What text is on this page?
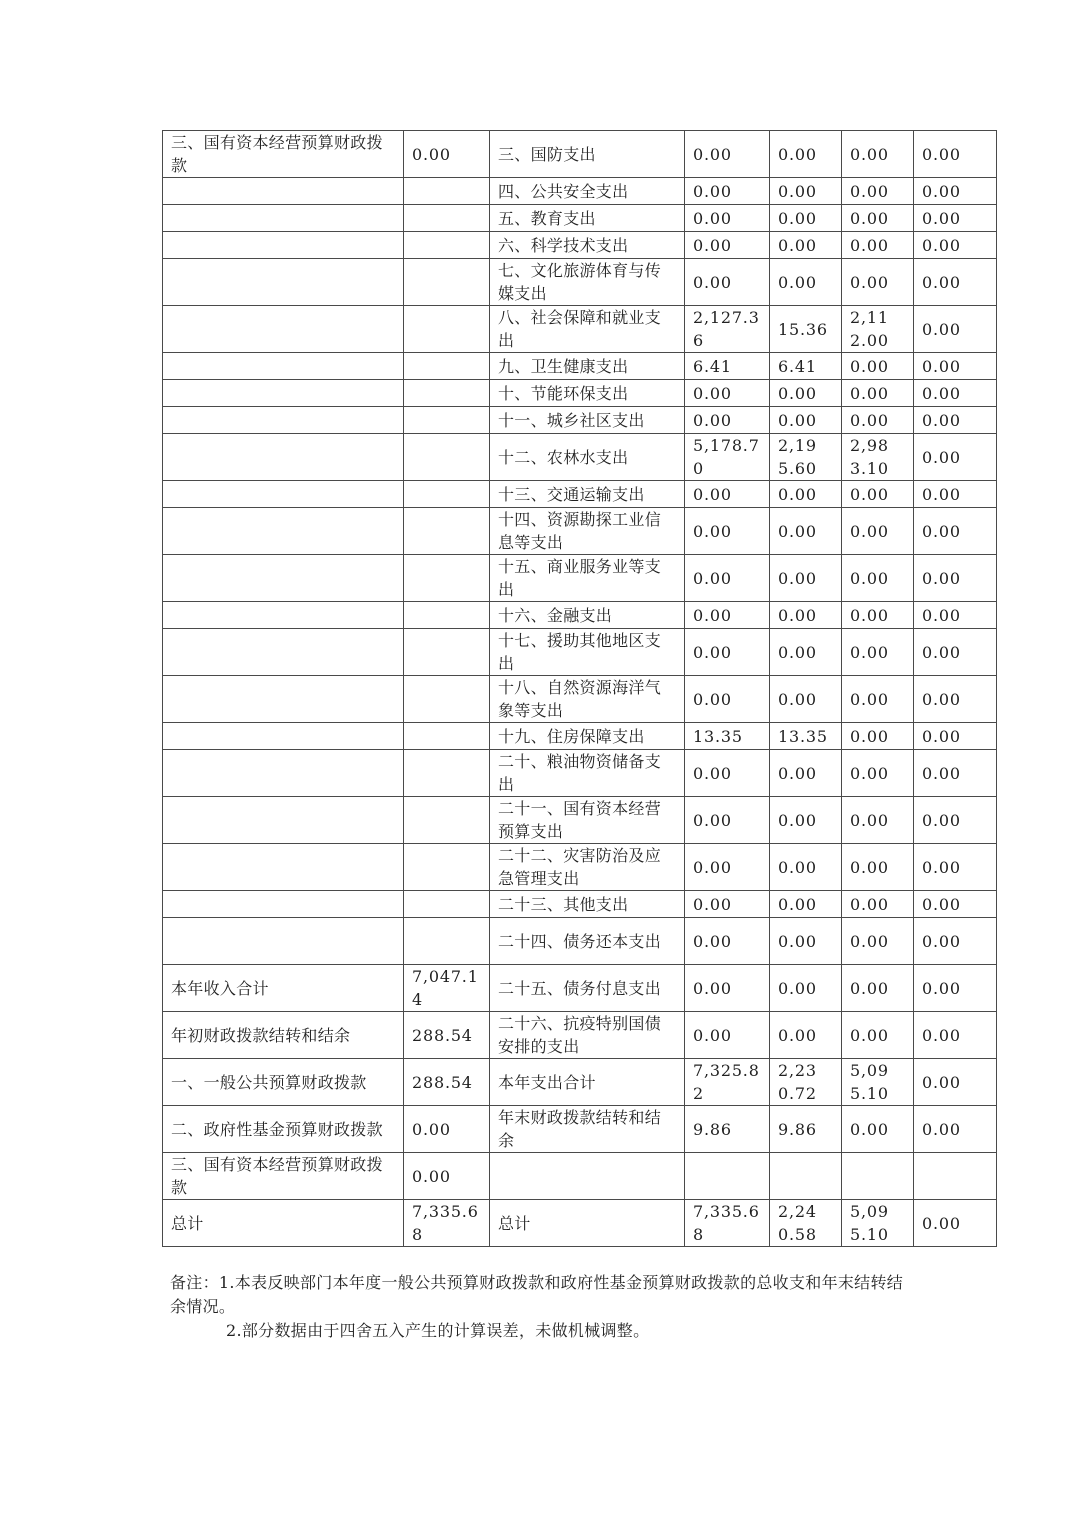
三、国有资本经营预算财政拨款	0.00	三、国防支出	0.00	0.00	0.00	0.00
		四、公共安全支出	0.00	0.00	0.00	0.00
		五、教育支出	0.00	0.00	0.00	0.00
		六、科学技术支出	0.00	0.00	0.00	0.00
		七、文化旅游体育与传媒支出	0.00	0.00	0.00	0.00
		八、社会保障和就业支出	2,127.36	15.36	2,112.00	0.00
		九、卫生健康支出	6.41	6.41	0.00	0.00
		十、节能环保支出	0.00	0.00	0.00	0.00
		十一、城乡社区支出	0.00	0.00	0.00	0.00
		十二、农林水支出	5,178.70	2,195.60	2,983.10	0.00
		十三、交通运输支出	0.00	0.00	0.00	0.00
		十四、资源勘探工业信息等支出	0.00	0.00	0.00	0.00
		十五、商业服务业等支出	0.00	0.00	0.00	0.00
		十六、金融支出	0.00	0.00	0.00	0.00
		十七、援助其他地区支出	0.00	0.00	0.00	0.00
		十八、自然资源海洋气象等支出	0.00	0.00	0.00	0.00
		十九、住房保障支出	13.35	13.35	0.00	0.00
		二十、粮油物资储备支出	0.00	0.00	0.00	0.00
		二十一、国有资本经营预算支出	0.00	0.00	0.00	0.00
		二十二、灾害防治及应急管理支出	0.00	0.00	0.00	0.00
		二十三、其他支出	0.00	0.00	0.00	0.00
		二十四、债务还本支出	0.00	0.00	0.00	0.00
本年收入合计	7,047.14	二十五、债务付息支出	0.00	0.00	0.00	0.00
年初财政拨款结转和结余	288.54	二十六、抗疫特别国债安排的支出	0.00	0.00	0.00	0.00
一、一般公共预算财政拨款	288.54	本年支出合计	7,325.82	2,230.72	5,095.10	0.00
二、政府性基金预算财政拨款	0.00	年末财政拨款结转和结余	9.86	9.86	0.00	0.00
三、国有资本经营预算财政拨款	0.00					
总计	7,335.68	总计	7,335.68	2,240.58	5,095.10	0.00

备注：1.本表反映部门本年度一般公共预算财政拨款和政府性基金预算财政拨款的总收支和年末结转结余情况。

2.部分数据由于四舍五入产生的计算误差，未做机械调整。
